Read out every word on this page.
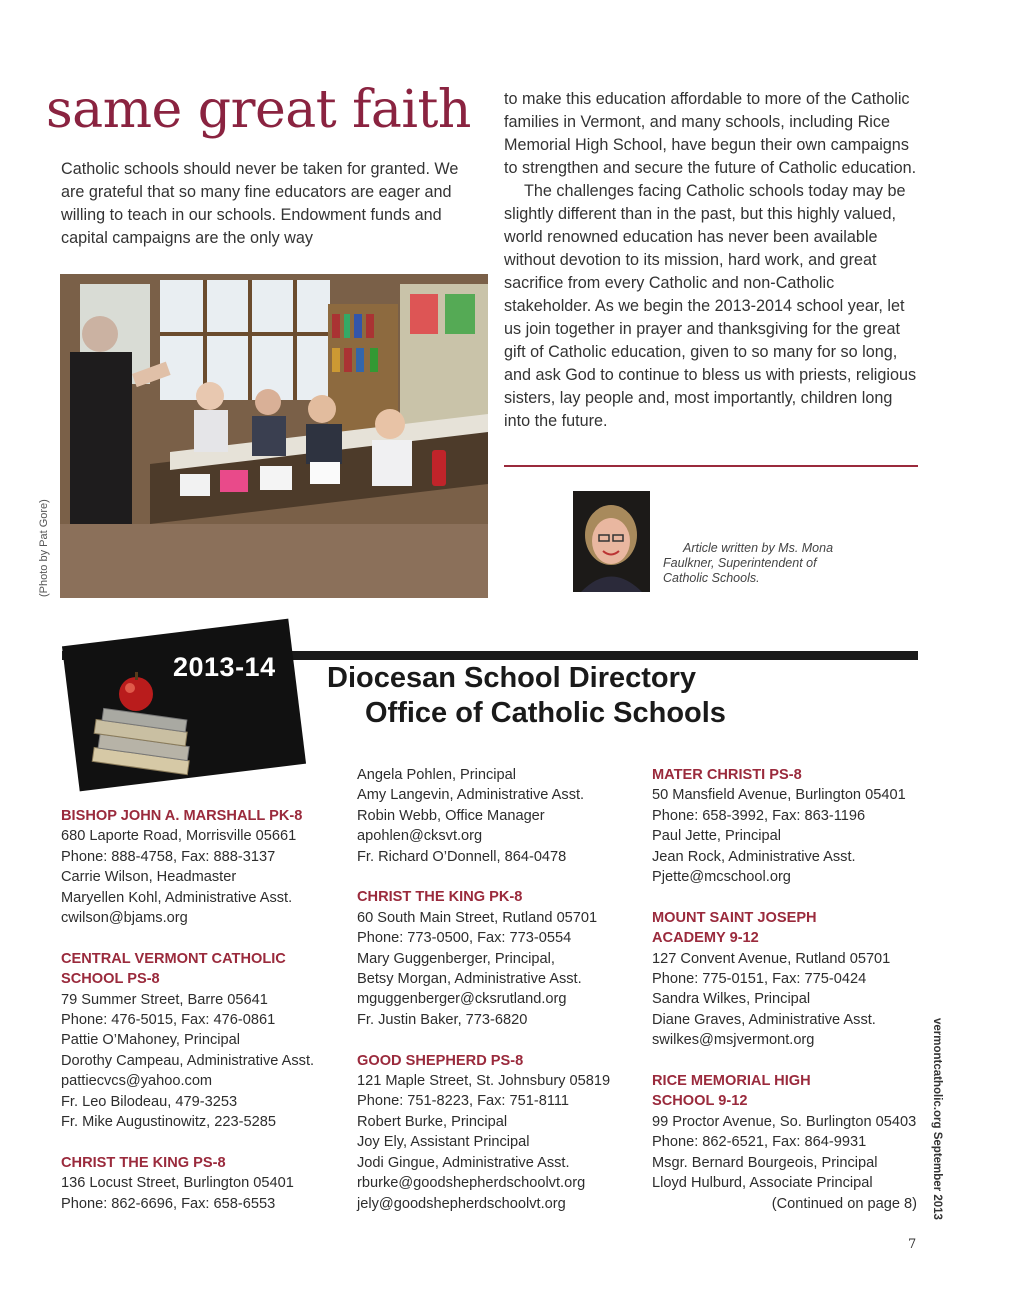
same great faith

Catholic schools should never be taken for granted. We are grateful that so many fine educators are eager and willing to teach in our schools. Endowment funds and capital campaigns are the only way

to make this education affordable to more of the Catholic families in Vermont, and many schools, including Rice Memorial High School, have begun their own campaigns to strengthen and secure the future of Catholic education.

The challenges facing Catholic schools today may be slightly different than in the past, but this highly valued, world renowned education has never been available without devotion to its mission, hard work, and great sacrifice from every Catholic and non-Catholic stakeholder. As we begin the 2013-2014 school year, let us join together in prayer and thanksgiving for the great gift of Catholic education, given to so many for so long, and ask God to continue to bless us with priests, religious sisters, lay people and, most importantly, children long into the future.

(Photo by Pat Gore)	Article written by Ms. Mona
Faulkner, Superintendent of
Catholic Schools.
2013-14 Diocesan School Directory
Office of Catholic Schools
BISHOP JOHN A. MARSHALL PK-8
680 Laporte Road, Morrisville 05661
Phone: 888-4758, Fax: 888-3137
Carrie Wilson, Headmaster
Maryellen Kohl, Administrative Asst.
cwilson@bjams.org
CENTRAL VERMONT CATHOLIC
SCHOOL PS-8
79 Summer Street, Barre 05641
Phone: 476-5015, Fax: 476-0861
Pattie O’Mahoney, Principal
Dorothy Campeau, Administrative Asst.
pattiecvcs@yahoo.com
Fr. Leo Bilodeau, 479-3253
Fr. Mike Augustinowitz, 223-5285
CHRIST THE KING PS-8
136 Locust Street, Burlington 05401
Phone: 862-6696, Fax: 658-6553
Angela Pohlen, Principal
Amy Langevin, Administrative Asst.
Robin Webb, Office Manager
apohlen@cksvt.org
Fr. Richard O’Donnell, 864-0478
CHRIST THE KING PK-8
60 South Main Street, Rutland 05701
Phone: 773-0500, Fax: 773-0554
Mary Guggenberger, Principal,
Betsy Morgan, Administrative Asst.
mguggenberger@cksrutland.org
Fr. Justin Baker, 773-6820
GOOD SHEPHERD PS-8
121 Maple Street, St. Johnsbury 05819
Phone: 751-8223, Fax: 751-8111
Robert Burke, Principal
Joy Ely, Assistant Principal
Jodi Gingue, Administrative Asst.
rburke@goodshepherdschoolvt.org
jely@goodshepherdschoolvt.org
MATER CHRISTI PS-8
50 Mansfield Avenue, Burlington 05401
Phone: 658-3992, Fax: 863-1196
Paul Jette, Principal
Jean Rock, Administrative Asst.
Pjette@mcschool.org
MOUNT SAINT JOSEPH
ACADEMY 9-12
127 Convent Avenue, Rutland 05701
Phone: 775-0151, Fax: 775-0424
Sandra Wilkes, Principal
Diane Graves, Administrative Asst.
swilkes@msjvermont.org
RICE MEMORIAL HIGH
SCHOOL 9-12
99 Proctor Avenue, So. Burlington 05403
Phone: 862-6521, Fax: 864-9931
Msgr. Bernard Bourgeois, Principal
Lloyd Hulburd, Associate Principal
(Continued on page 8) vermontcatholic.org September 2013
7
